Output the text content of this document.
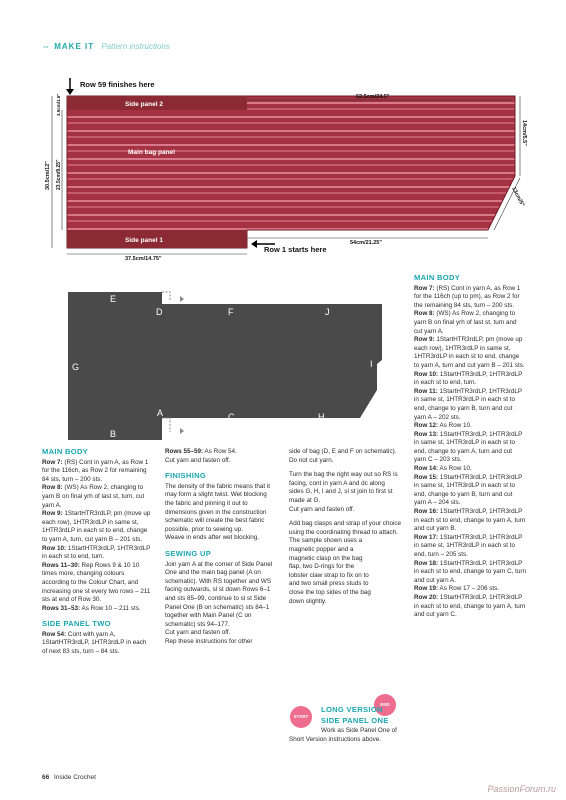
⇔ MAKE IT Pattern instructions
Side panel 2
Side panel 1
Main bag panel
Row 59 finishes here
Row 1 starts here
62.5cm/24.5"
54cm/21.25"
37.5cm/14.75"
30.5cm/12" 23.5cm/9.25"
3.5cm/1.5"
14cm/5.5"
13cm/5"
E
D	F	J
G	I
A	C	H
B
MAIN BODY

Row 7: (RS) Cont in yarn A, as Row 1 for the 116ch, as Row 2 for remaining 84 sts, turn – 200 sts.

Row 8: (WS) As Row 2, changing to yarn B on final yrh of last st, turn, cut yarn A.

Row 9: 1StartHTR3rdLP, pm (move up each row), 1HTR3rdLP in same st, 1HTR3rdLP in each st to end, change to yarn A, turn, cut yarn B – 201 sts.

Row 10: 1StartHTR3rdLP, 1HTR3rdLP in each st to end, turn.

Rows 11–30: Rep Rows 9 & 10 10 times more, changing colours according to the Colour Chart, and increasing one st every two rows – 211 sts at end of Row 30.

Rows 31–53: As Row 10 – 211 sts.

SIDE PANEL TWO

Row 54: Cont with yarn A, 1StartHTR3rdLP, 1HTR3rdLP in each of next 83 sts, turn – 84 sts.

Rows 55–59: As Row 54.

Cut yarn and fasten off.

FINISHING

The density of the fabric means that it may form a slight twist. Wet blocking the fabric and pinning it out to dimensions given in the construction schematic will create the best fabric possible, prior to sewing up.

Weave in ends after wet blocking.

SEWING UP

Join yarn A at the corner of Side Panel One and the main bag panel (A on schematic). With RS together and WS facing outwards, sl st down Rows 6–1 and sts 85–99, continue to sl st Side Panel One (B on schematic) sts 84–1 together with Main Panel (C on schematic) sts 94–177.

Cut yarn and fasten off.

Rep these instructions for other

side of bag (D, E and F on schematic).

Do not cut yarn.

Turn the bag the right way out so RS is facing, cont in yarn A and dc along sides G, H, I and J, sl st join to first st made at G.

Cut yarn and fasten off.

Add bag clasps and strap of your choice using the coordinating thread to attach.

The sample shown uses a magnetic popper and a magnetic clasp on the bag flap, two D-rings for the lobster claw strap to fix on to and two small press studs to close the top sides of the bag down slightly.

END
START
LONG VERSION
SIDE PANEL ONE

Work as Side Panel One of Short Version instructions above.

MAIN BODY

Row 7: (RS) Cont in yarn A, as Row 1 for the 116ch (up to pm), as Row 2 for the remaining 84 sts, turn – 200 sts.

Row 8: (WS) As Row 2, changing to yarn B on final yrh of last st, turn and cut yarn A.

Row 9: 1StartHTR3rdLP, pm (move up each row), 1HTR3rdLP in same st, 1HTR3rdLP in each st to end, change to yarn A, turn and cut yarn B – 201 sts.

Row 10: 1StartHTR3rdLP, 1HTR3rdLP in each st to end, turn.

Row 11: 1StartHTR3rdLP, 1HTR3rdLP in same st, 1HTR3rdLP in each st to end, change to yarn B, turn and cut yarn A – 202 sts.

Row 12: As Row 10.

Row 13: 1StartHTR3rdLP, 1HTR3rdLP in same st, 1HTR3rdLP in each st to end, change to yarn A, turn and cut yarn C – 203 sts.

Row 14: As Row 10.

Row 15: 1StartHTR3rdLP, 1HTR3rdLP in same st, 1HTR3rdLP in each st to end, change to yarn B, turn and cut yarn A – 204 sts.

Row 16: 1StartHTR3rdLP, 1HTR3rdLP in each st to end, change to yarn A, turn and cut yarn B.

Row 17: 1StartHTR3rdLP, 1HTR3rdLP in same st, 1HTR3rdLP in each st to end, turn – 205 sts.

Row 18: 1StartHTR3rdLP, 1HTR3rdLP in each st to end, change to yarn C, turn and cut yarn A.

Row 19: As Row 17 – 206 sts.

Row 20: 1StartHTR3rdLP, 1HTR3rdLP in each st to end, change to yarn A, turn and cut yarn C.

66 Inside Crochet
PassionForum.ru
